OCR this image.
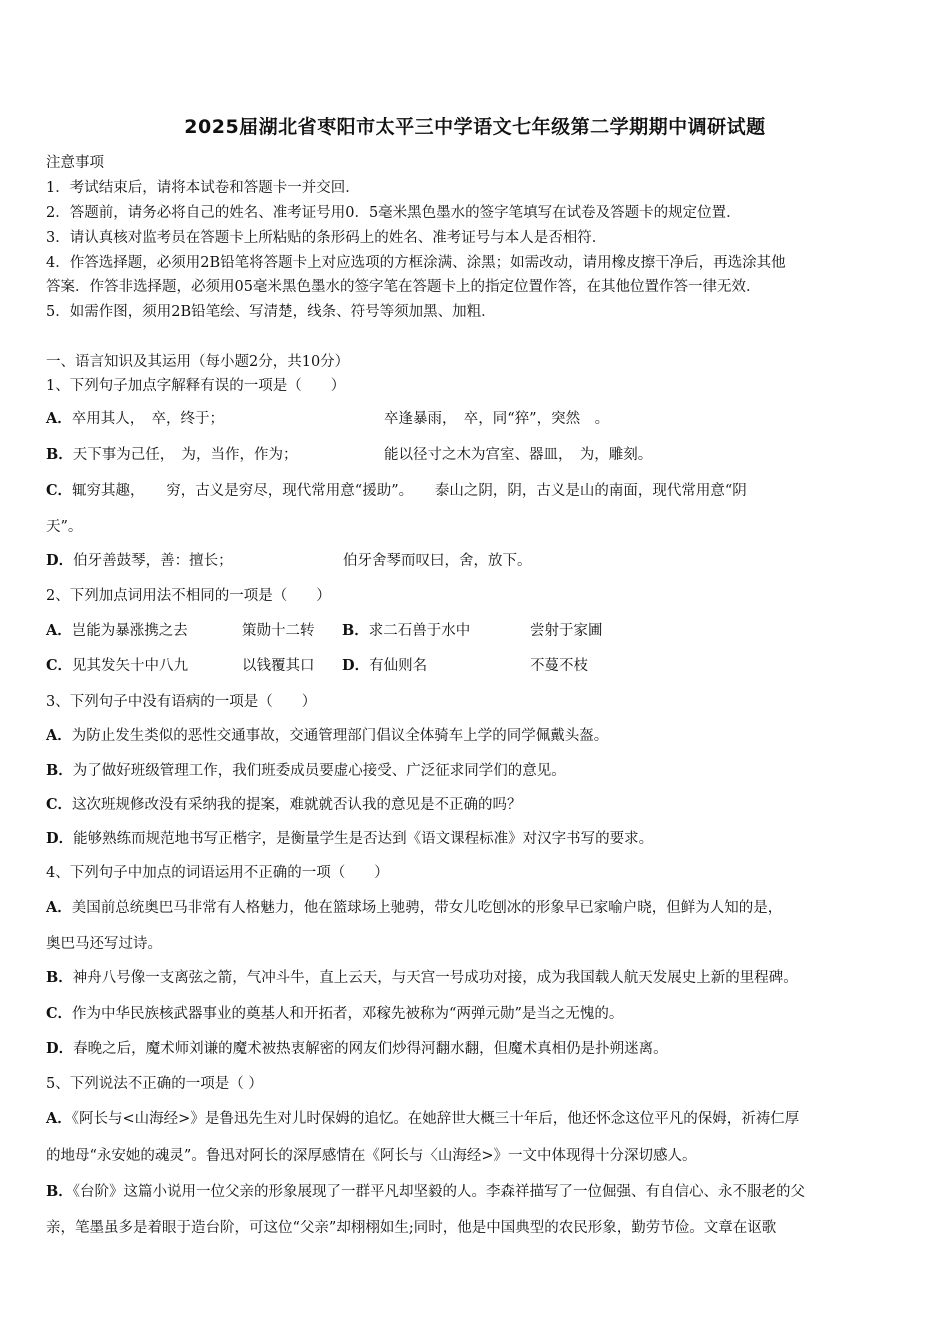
2025届湖北省枣阳市太平三中学语文七年级第二学期期中调研试题
注意事项
1．考试结束后，请将本试卷和答题卡一并交回．
2．答题前，请务必将自己的姓名、准考证号用0．5毫米黑色墨水的签字笔填写在试卷及答题卡的规定位置．
3．请认真核对监考员在答题卡上所粘贴的条形码上的姓名、准考证号与本人是否相符．
4．作答选择题，必须用2B铅笔将答题卡上对应选项的方框涂满、涂黑；如需改动，请用橡皮擦干净后，再选涂其他
答案．作答非选择题，必须用05毫米黑色墨水的签字笔在答题卡上的指定位置作答，在其他位置作答一律无效．
5．如需作图，须用2B铅笔绘、写清楚，线条、符号等须加黑、加粗．
一、语言知识及其运用（每小题2分，共10分）
1、下列句子加点字解释有误的一项是（　　）
A．卒用其人，　卒，终于；	卒逢暴雨，　卒，同“猝”，突然　。
B．天下事为己任，　为，当作，作为；	能以径寸之木为宫室、器皿，　为，雕刻。
C．辄穷其趣，　　穷，古义是穷尽，现代常用意“援助”。　　泰山之阴，阴，古义是山的南面，现代常用意“阴
天”。
D．伯牙善鼓琴，善：擅长；	伯牙舍琴而叹曰，舍，放下。
2、下列加点词用法不相同的一项是（　　）
A．岂能为暴涨携之去	策勋十二转 B．求二石兽于水中	尝射于家圃
C．见其发矢十中八九	以钱覆其口 D．有仙则名	不蔓不枝
3、下列句子中没有语病的一项是（　　）
A．为防止发生类似的恶性交通事故，交通管理部门倡议全体骑车上学的同学佩戴头盔。
B．为了做好班级管理工作，我们班委成员要虚心接受、广泛征求同学们的意见。
C．这次班规修改没有采纳我的提案，难就就否认我的意见是不正确的吗？
D．能够熟练而规范地书写正楷字，是衡量学生是否达到《语文课程标准》对汉字书写的要求。
4、下列句子中加点的词语运用不正确的一项（　　）
A．美国前总统奥巴马非常有人格魅力，他在篮球场上驰骋，带女儿吃刨冰的形象早已家喻户晓，但鲜为人知的是，
奥巴马还写过诗。
B．神舟八号像一支离弦之箭，气冲斗牛，直上云天，与天宫一号成功对接，成为我国载人航天发展史上新的里程碑。
C．作为中华民族核武器事业的奠基人和开拓者，邓稼先被称为“两弹元勋”是当之无愧的。
D．春晚之后，魔术师刘谦的魔术被热衷解密的网友们炒得河翻水翻，但魔术真相仍是扑朔迷离。
5、下列说法不正确的一项是（ ）
A．《阿长与<山海经>》是鲁迅先生对儿时保姆的追忆。在她辞世大概三十年后，他还怀念这位平凡的保姆，祈祷仁厚
的地母“永安她的魂灵”。鲁迅对阿长的深厚感情在《阿长与〈山海经>》一文中体现得十分深切感人。
B．《台阶》这篇小说用一位父亲的形象展现了一群平凡却坚毅的人。李森祥描写了一位倔强、有自信心、永不服老的父
亲，笔墨虽多是着眼于造台阶，可这位“父亲”却栩栩如生;同时，他是中国典型的农民形象，勤劳节俭。文章在讴歌
